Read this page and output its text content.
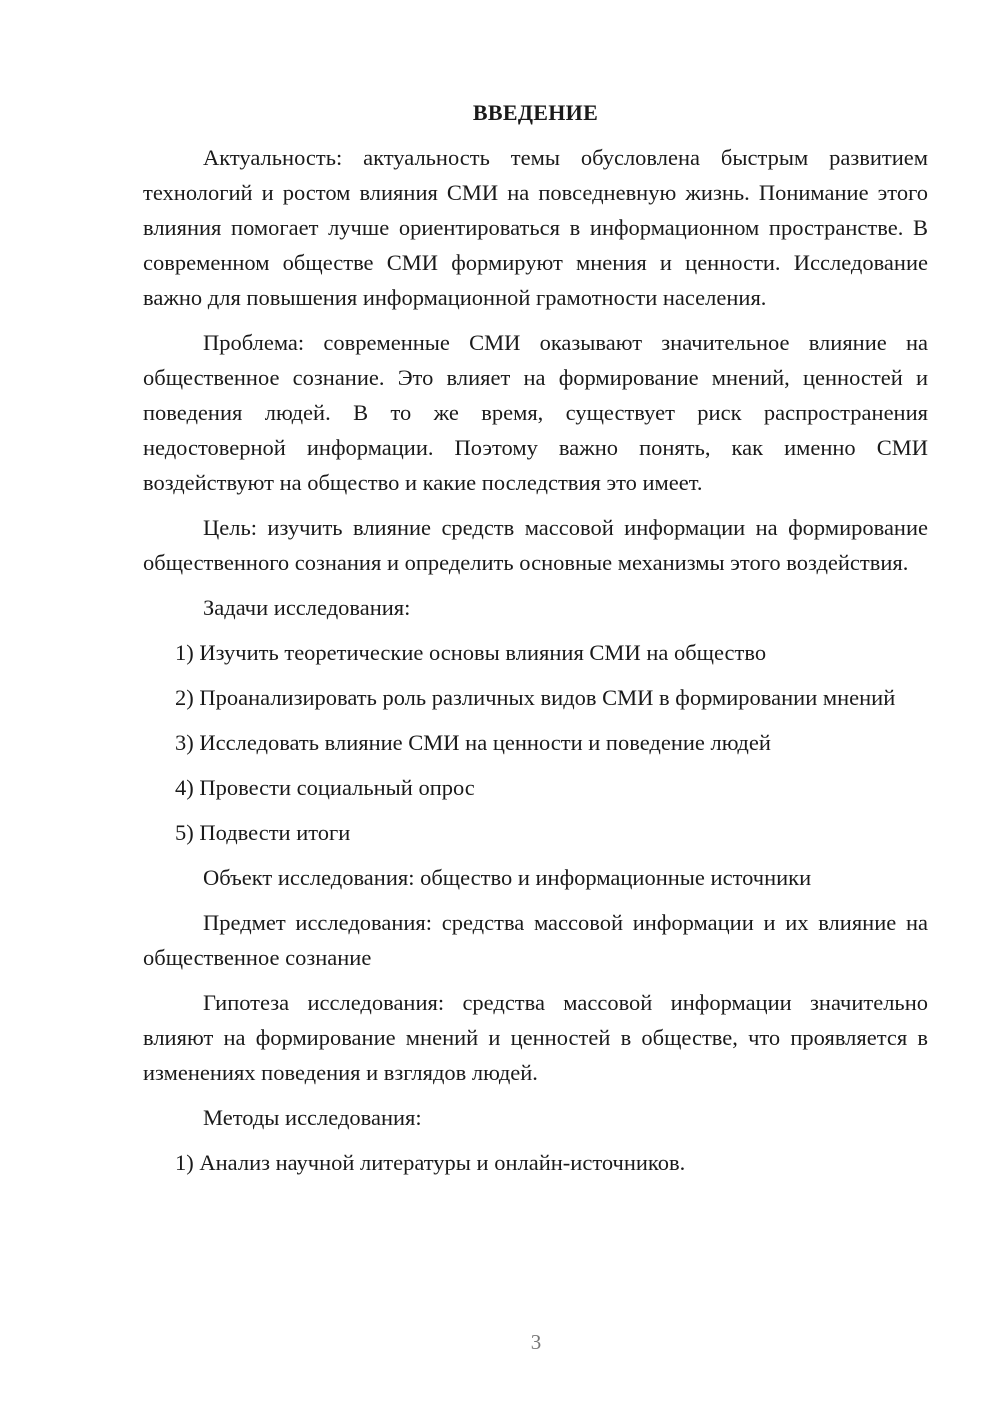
ВВЕДЕНИЕ

Актуальность: актуальность темы обусловлена быстрым развитием технологий и ростом влияния СМИ на повседневную жизнь. Понимание этого влияния помогает лучше ориентироваться в информационном пространстве. В современном обществе СМИ формируют мнения и ценности. Исследование важно для повышения информационной грамотности населения.

Проблема: современные СМИ оказывают значительное влияние на общественное сознание. Это влияет на формирование мнений, ценностей и поведения людей. В то же время, существует риск распространения недостоверной информации. Поэтому важно понять, как именно СМИ воздействуют на общество и какие последствия это имеет.

Цель: изучить влияние средств массовой информации на формирование общественного сознания и определить основные механизмы этого воздействия.

Задачи исследования:

1) Изучить теоретические основы влияния СМИ на общество

2) Проанализировать роль различных видов СМИ в формировании мнений

3) Исследовать влияние СМИ на ценности и поведение людей

4) Провести социальный опрос

5) Подвести итоги

Объект исследования: общество и информационные источники

Предмет исследования: средства массовой информации и их влияние на общественное сознание

Гипотеза исследования: средства массовой информации значительно влияют на формирование мнений и ценностей в обществе, что проявляется в изменениях поведения и взглядов людей.

Методы исследования:

1) Анализ научной литературы и онлайн-источников.

3
